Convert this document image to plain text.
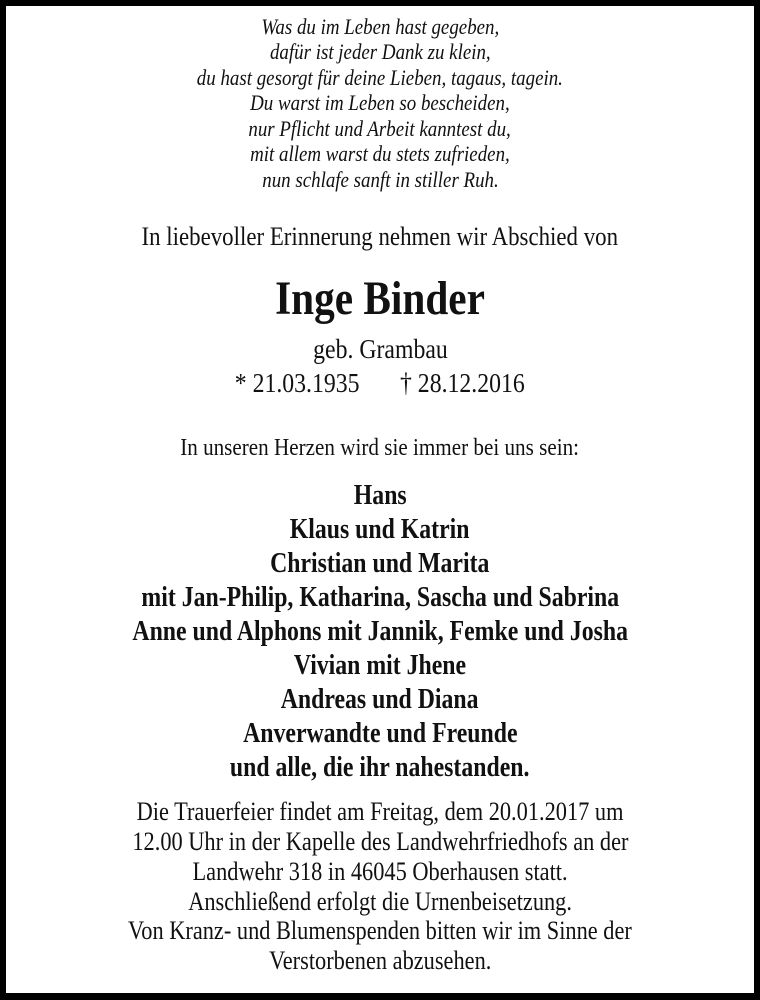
Was du im Leben hast gegeben,
dafür ist jeder Dank zu klein,
du hast gesorgt für deine Lieben, tagaus, tagein.
Du warst im Leben so bescheiden,
nur Pflicht und Arbeit kanntest du,
mit allem warst du stets zufrieden,
nun schlafe sanft in stiller Ruh.
In liebevoller Erinnerung nehmen wir Abschied von
Inge Binder
geb. Grambau
* 21.03.1935 † 28.12.2016
In unseren Herzen wird sie immer bei uns sein:
Hans
Klaus und Katrin
Christian und Marita
mit Jan-Philip, Katharina, Sascha und Sabrina
Anne und Alphons mit Jannik, Femke und Josha
Vivian mit Jhene
Andreas und Diana
Anverwandte und Freunde
und alle, die ihr nahestanden.
Die Trauerfeier findet am Freitag, dem 20.01.2017 um
12.00 Uhr in der Kapelle des Landwehrfriedhofs an der
Landwehr 318 in 46045 Oberhausen statt.
Anschließend erfolgt die Urnenbeisetzung.
Von Kranz- und Blumenspenden bitten wir im Sinne der
Verstorbenen abzusehen.
